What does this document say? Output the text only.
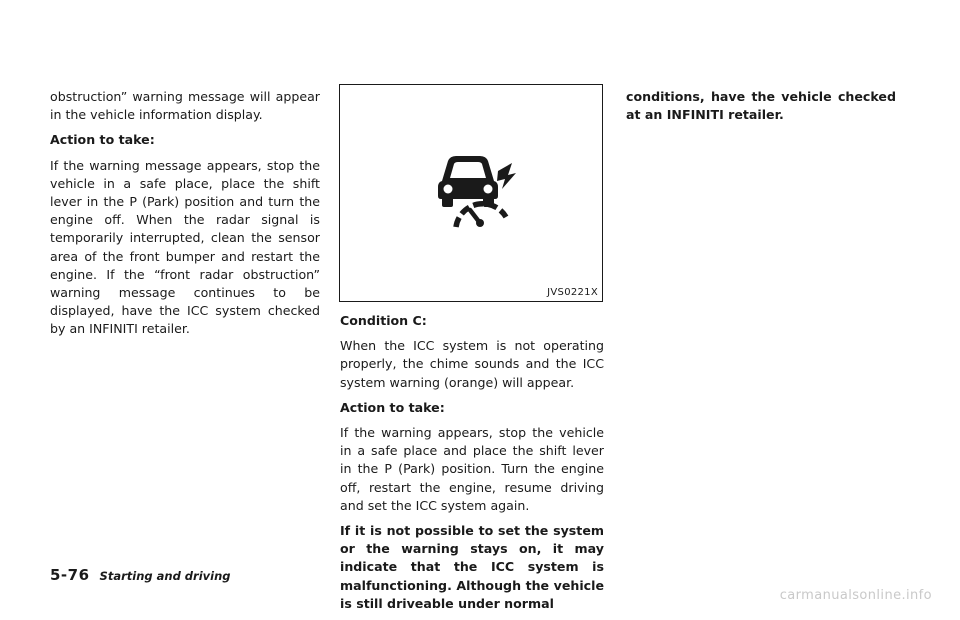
obstruction” warning message will appear in the vehicle information display.

Action to take:

If the warning message appears, stop the vehicle in a safe place, place the shift lever in the P (Park) position and turn the engine off. When the radar signal is temporarily interrupted, clean the sensor area of the front bumper and restart the engine. If the “front radar obstruction” warning message continues to be displayed, have the ICC system checked by an INFINITI retailer.

JVS0221X

Condition C:

When the ICC system is not operating properly, the chime sounds and the ICC system warning (orange) will appear.

Action to take:

If the warning appears, stop the vehicle in a safe place and place the shift lever in the P (Park) position. Turn the engine off, restart the engine, resume driving and set the ICC system again.

If it is not possible to set the system or the warning stays on, it may indicate that the ICC system is malfunctioning. Although the vehicle is still driveable under normal

conditions, have the vehicle checked at an INFINITI retailer.

5-76 Starting and driving
carmanualsonline.info
